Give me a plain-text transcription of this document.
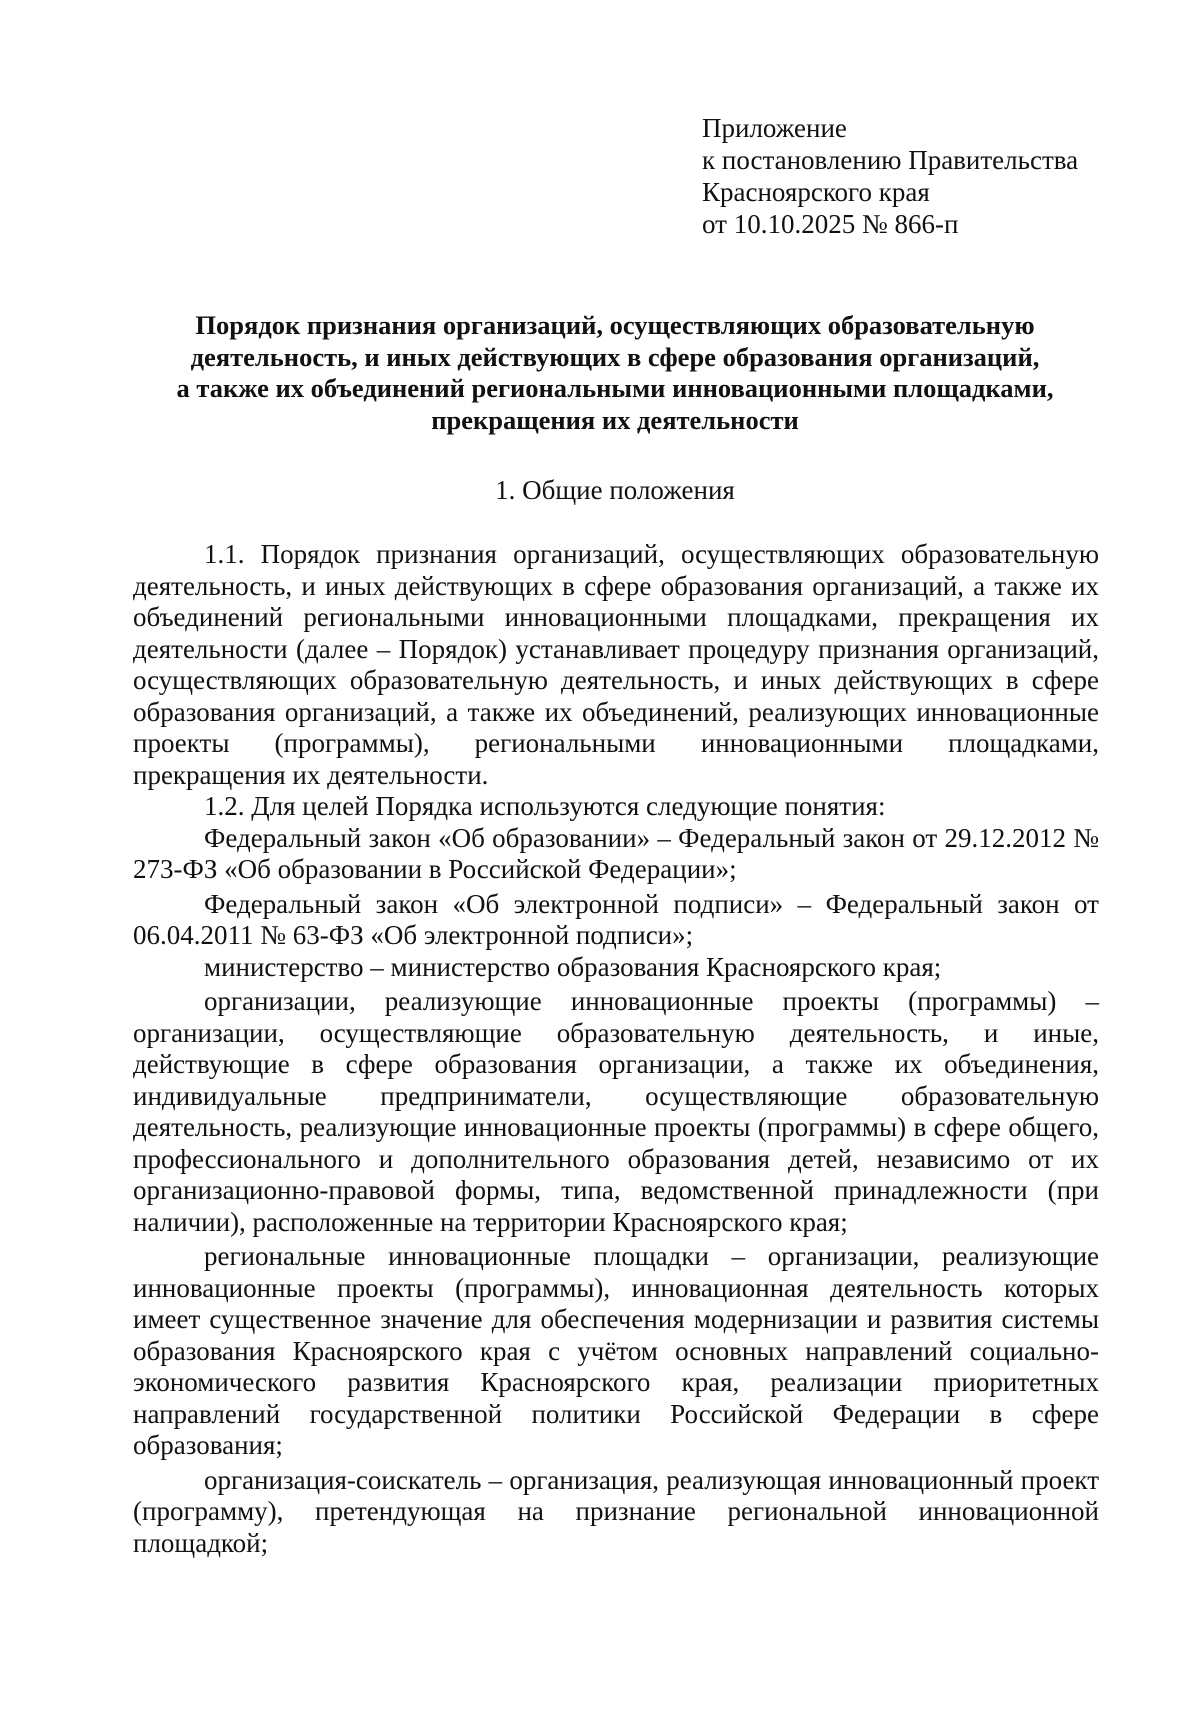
Приложение
к постановлению Правительства
Красноярского края
от 10.10.2025 № 866-п
Порядок признания организаций, осуществляющих образовательную
деятельность, и иных действующих в сфере образования организаций,
а также их объединений региональными инновационными площадками,
прекращения их деятельности
1. Общие положения

1.1. Порядок признания организаций, осуществляющих образовательную деятельность, и иных действующих в сфере образования организаций, а также их объединений региональными инновационными площадками, прекращения их деятельности (далее – Порядок) устанавливает процедуру признания организаций, осуществляющих образовательную деятельность, и иных действующих в сфере образования организаций, а также их объединений, реализующих инновационные проекты (программы), региональными инновационными площадками, прекращения их деятельности.

1.2. Для целей Порядка используются следующие понятия:

Федеральный закон «Об образовании» – Федеральный закон от 29.12.2012 № 273-ФЗ «Об образовании в Российской Федерации»;

Федеральный закон «Об электронной подписи» – Федеральный закон от 06.04.2011 № 63-ФЗ «Об электронной подписи»;

министерство – министерство образования Красноярского края;

организации, реализующие инновационные проекты (программы) – организации, осуществляющие образовательную деятельность, и иные, действующие в сфере образования организации, а также их объединения, индивидуальные предприниматели, осуществляющие образовательную деятельность, реализующие инновационные проекты (программы) в сфере общего, профессионального и дополнительного образования детей, независимо от их организационно-правовой формы, типа, ведомственной принадлежности (при наличии), расположенные на территории Красноярского края;

региональные инновационные площадки – организации, реализующие инновационные проекты (программы), инновационная деятельность которых имеет существенное значение для обеспечения модернизации и развития системы образования Красноярского края с учётом основных направлений социально-экономического развития Красноярского края, реализации приоритетных направлений государственной политики Российской Федерации в сфере образования;

организация-соискатель – организация, реализующая инновационный проект (программу), претендующая на признание региональной инновационной площадкой;
